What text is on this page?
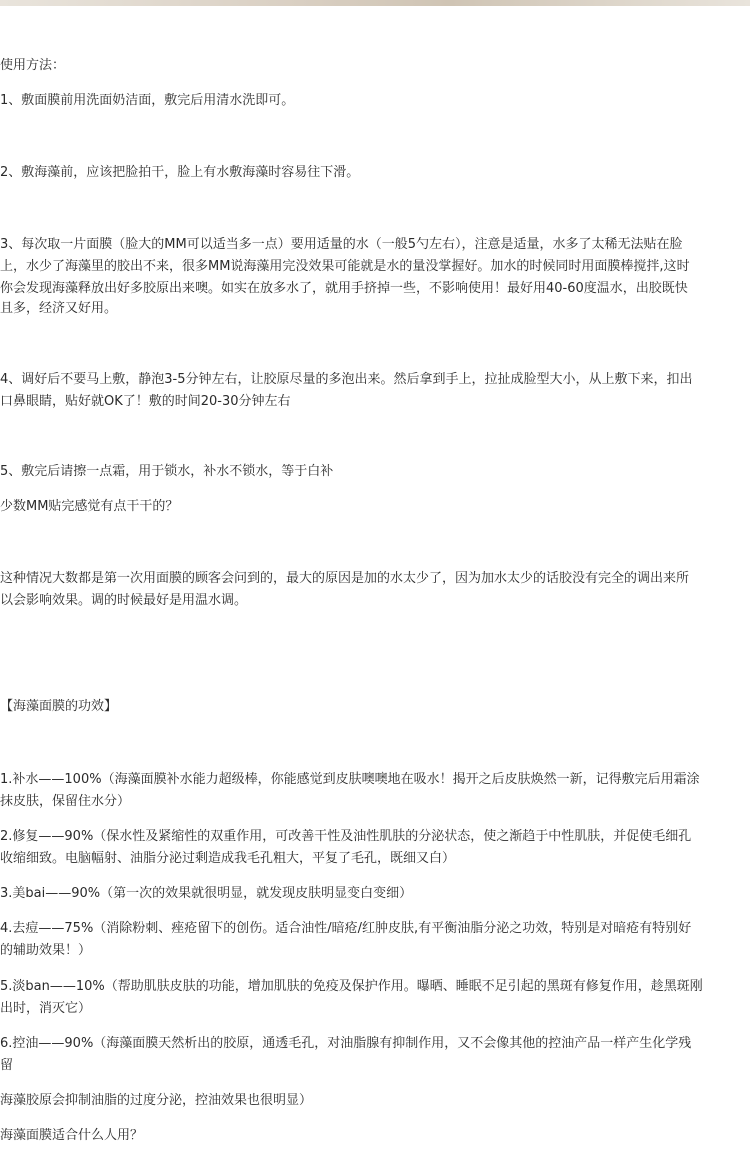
使用方法：
1、敷面膜前用洗面奶洁面，敷完后用清水洗即可。
2、敷海藻前，应该把脸拍干，脸上有水敷海藻时容易往下滑。
3、每次取一片面膜（脸大的MM可以适当多一点）要用适量的水（一般5勺左右），注意是适量，水多了太稀无法贴在脸
上，水少了海藻里的胶出不来，很多MM说海藻用完没效果可能就是水的量没掌握好。加水的时候同时用面膜棒搅拌,这时
你会发现海藻释放出好多胶原出来噢。如实在放多水了，就用手挤掉一些，不影响使用！最好用40-60度温水，出胶既快
且多，经济又好用。
4、调好后不要马上敷，静泡3-5分钟左右，让胶原尽量的多泡出来。然后拿到手上，拉扯成脸型大小，从上敷下来，扣出
口鼻眼睛，贴好就OK了！敷的时间20-30分钟左右
5、敷完后请擦一点霜，用于锁水，补水不锁水，等于白补
少数MM贴完感觉有点干干的？
这种情况大数都是第一次用面膜的顾客会问到的，最大的原因是加的水太少了，因为加水太少的话胶没有完全的调出来所
以会影响效果。调的时候最好是用温水调。
【海藻面膜的功效】
1.补水——100%（海藻面膜补水能力超级棒，你能感觉到皮肤噢噢地在吸水！揭开之后皮肤焕然一新，记得敷完后用霜涂
抹皮肤，保留住水分）
2.修复——90%（保水性及紧缩性的双重作用，可改善干性及油性肌肤的分泌状态，使之渐趋于中性肌肤，并促使毛细孔
收缩细致。电脑幅射、油脂分泌过剩造成我毛孔粗大，平复了毛孔，既细又白）
3.美bai——90%（第一次的效果就很明显，就发现皮肤明显变白变细）
4.去痘——75%（消除粉刺、痤疮留下的创伤。适合油性/暗疮/红肿皮肤,有平衡油脂分泌之功效，特别是对暗疮有特别好
的辅助效果！）
5.淡ban——10%（帮助肌肤皮肤的功能，增加肌肤的免疫及保护作用。曝晒、睡眠不足引起的黑斑有修复作用，趁黑斑刚
出时，消灭它）
6.控油——90%（海藻面膜天然析出的胶原，通透毛孔，对油脂腺有抑制作用，又不会像其他的控油产品一样产生化学残
留
海藻胶原会抑制油脂的过度分泌，控油效果也很明显）
海藻面膜适合什么人用？
